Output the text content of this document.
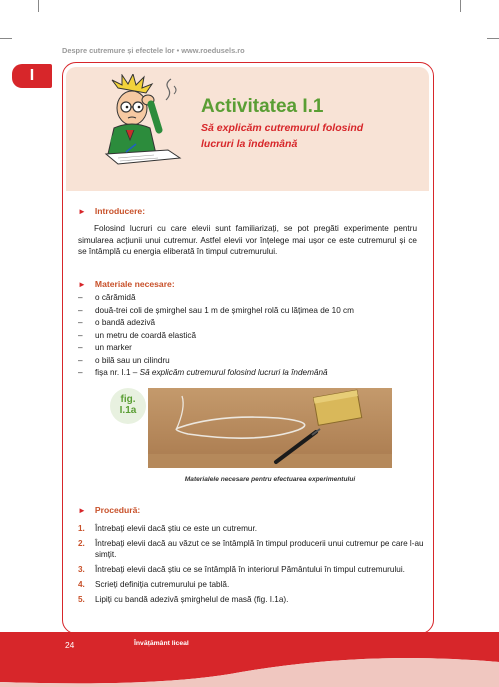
Despre cutremure și efectele lor • www.roedusels.ro
I
Activitatea I.1
Să explicăm cutremurul folosind lucruri la îndemână
► Introducere:

Folosind lucruri cu care elevii sunt familiarizați, se pot pregăti experimente pentru simularea acțiunii unui cutremur. Astfel elevii vor înțelege mai ușor ce este cutremurul și ce se întâmplă cu energia eliberată în timpul cutremurului.

► Materiale necesare:
– o cărămidă
– două-trei coli de șmirghel sau 1 m de șmirghel rolă cu lățimea de 10 cm
– o bandă adezivă
– un metru de coardă elastică
– un marker
– o bilă sau un cilindru
– fișa nr. I.1 – Să explicăm cutremurul folosind lucruri la îndemână
fig.
I.1a
Materialele necesare pentru efectuarea experimentului
► Procedură:
1. Întrebați elevii dacă știu ce este un cutremur.
2. Întrebați elevii dacă au văzut ce se întâmplă în timpul producerii unui cutremur pe care l-au simțit.
3. Întrebați elevii dacă știu ce se întâmplă în interiorul Pământului în timpul cutremurului.
4. Scrieți definiția cutremurului pe tablă.
5. Lipiți cu bandă adezivă șmirghelul de masă (fig. I.1a).
24	Învățământ liceal
